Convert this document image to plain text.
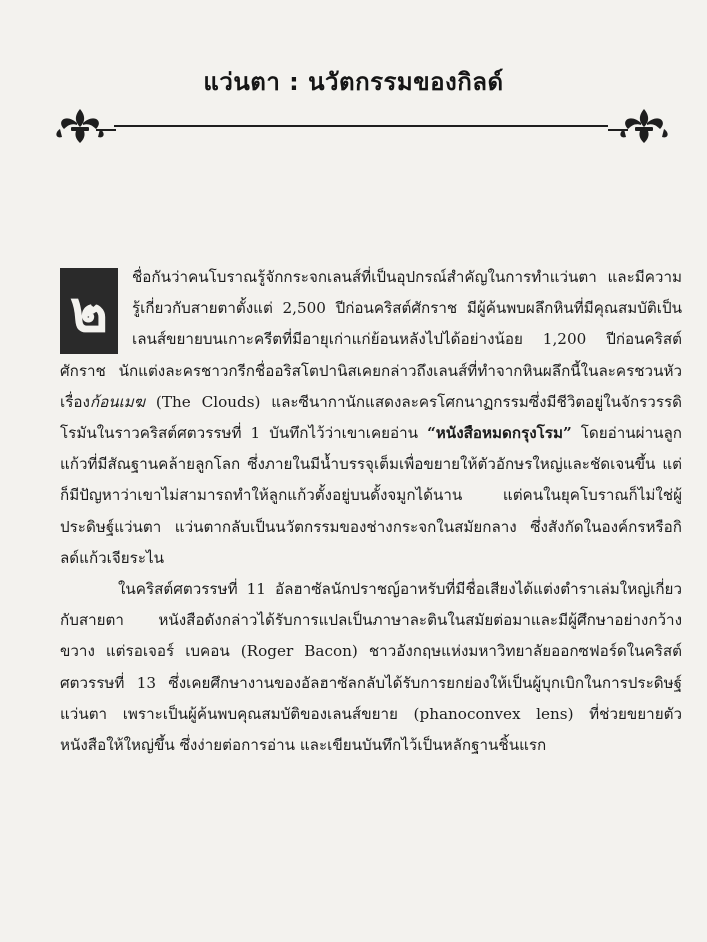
แว่นตา : นวัตกรรมของกิลด์

๒	ชื่อกันว่าคนโบราณรู้จักกระจกเลนส์ที่เป็นอุปกรณ์สำคัญในการทำแว่นตา และมีความรู้เกี่ยวกับสายตาตั้งแต่ 2,500 ปีก่อนคริสต์ศักราช มีผู้ค้นพบผลึกหินที่มีคุณสมบัติเป็นเลนส์ขยายบนเกาะครีตที่มีอายุเก่าแก่ย้อนหลังไปได้อย่างน้อย 1,200 ปีก่อนคริสต์ศักราช นักแต่งละครชาวกรีกชื่ออริสโตปานิสเคยกล่าวถึงเลนส์ที่ทำจากหินผลึกนี้ในละครชวนหัวเรื่องก้อนเมฆ (The Clouds) และซีนากานักแสดงละครโศกนาฏกรรมซึ่งมีชีวิตอยู่ในจักรวรรดิโรมันในราวคริสต์ศตวรรษที่ 1 บันทึกไว้ว่าเขาเคยอ่าน “หนังสือหมดกรุงโรม” โดยอ่านผ่านลูกแก้วที่มีสัณฐานคล้ายลูกโลก ซึ่งภายในมีน้ำบรรจุเต็มเพื่อขยายให้ตัวอักษรใหญ่และชัดเจนขึ้น แต่ก็มีปัญหาว่าเขาไม่สามารถทำให้ลูกแก้วตั้งอยู่บนดั้งจมูกได้นาน แต่คนในยุคโบราณก็ไม่ใช่ผู้ประดิษฐ์แว่นตา แว่นตากลับเป็นนวัตกรรมของช่างกระจกในสมัยกลาง ซึ่งสังกัดในองค์กรหรือกิลด์แก้วเจียระไน

ในคริสต์ศตวรรษที่ 11 อัลฮาซัลนักปราชญ์อาหรับที่มีชื่อเสียงได้แต่งตำราเล่มใหญ่เกี่ยวกับสายตา หนังสือดังกล่าวได้รับการแปลเป็นภาษาละตินในสมัยต่อมาและมีผู้ศึกษาอย่างกว้างขวาง แต่รอเจอร์ เบคอน (Roger Bacon) ชาวอังกฤษแห่งมหาวิทยาลัยออกซฟอร์ดในคริสต์ศตวรรษที่ 13 ซึ่งเคยศึกษางานของอัลฮาซัลกลับได้รับการยกย่องให้เป็นผู้บุกเบิกในการประดิษฐ์แว่นตา เพราะเป็นผู้ค้นพบคุณสมบัติของเลนส์ขยาย (phanoconvex lens) ที่ช่วยขยายตัวหนังสือให้ใหญ่ขึ้น ซึ่งง่ายต่อการอ่าน และเขียนบันทึกไว้เป็นหลักฐานชิ้นแรก
